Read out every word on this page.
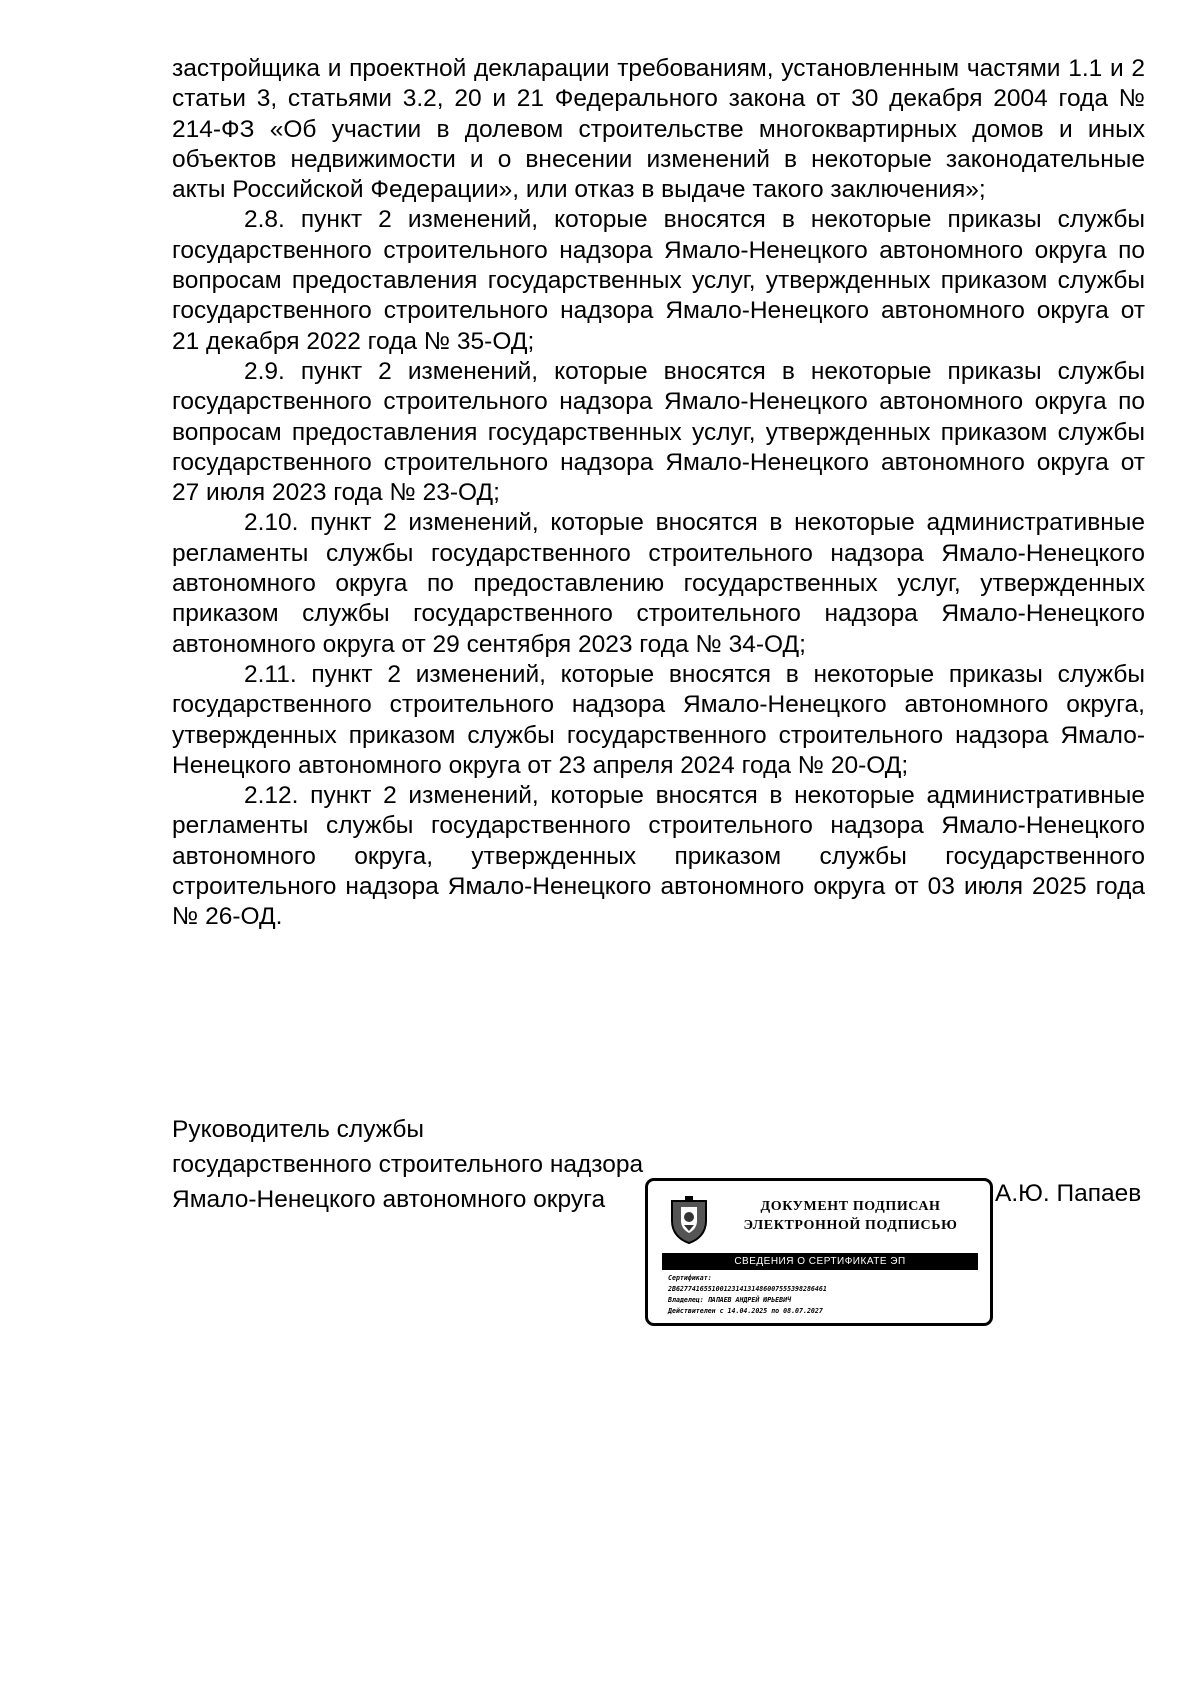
застройщика и проектной декларации требованиям, установленным частями 1.1 и 2 статьи 3, статьями 3.2, 20 и 21 Федерального закона от 30 декабря 2004 года № 214-ФЗ «Об участии в долевом строительстве многоквартирных домов и иных объектов недвижимости и о внесении изменений в некоторые законодательные акты Российской Федерации», или отказ в выдаче такого заключения»;

2.8. пункт 2 изменений, которые вносятся в некоторые приказы службы государственного строительного надзора Ямало-Ненецкого автономного округа по вопросам предоставления государственных услуг, утвержденных приказом службы государственного строительного надзора Ямало-Ненецкого автономного округа от 21 декабря 2022 года № 35-ОД;

2.9. пункт 2 изменений, которые вносятся в некоторые приказы службы государственного строительного надзора Ямало-Ненецкого автономного округа по вопросам предоставления государственных услуг, утвержденных приказом службы государственного строительного надзора Ямало-Ненецкого автономного округа от 27 июля 2023 года № 23-ОД;

2.10. пункт 2 изменений, которые вносятся в некоторые административные регламенты службы государственного строительного надзора Ямало-Ненецкого автономного округа по предоставлению государственных услуг, утвержденных приказом службы государственного строительного надзора Ямало-Ненецкого автономного округа от 29 сентября 2023 года № 34-ОД;

2.11. пункт 2 изменений, которые вносятся в некоторые приказы службы государственного строительного надзора Ямало-Ненецкого автономного округа, утвержденных приказом службы государственного строительного надзора Ямало-Ненецкого автономного округа от 23 апреля 2024 года № 20-ОД;

2.12. пункт 2 изменений, которые вносятся в некоторые административные регламенты службы государственного строительного надзора Ямало-Ненецкого автономного округа, утвержденных приказом службы государственного строительного надзора Ямало-Ненецкого автономного округа от 03 июля 2025 года № 26-ОД.

Руководитель службы
государственного строительного надзора
Ямало-Ненецкого автономного округа	А.Ю. Папаев
ДОКУМЕНТ ПОДПИСАН
ЭЛЕКТРОННОЙ ПОДПИСЬЮ
СВЕДЕНИЯ О СЕРТИФИКАТЕ ЭП
Сертификат:
2B62774165510012314131486007555398286461
Владелец: ПАПАЕВ АНДРЕЙ ЮРЬЕВИЧ
Действителен с 14.04.2025 по 08.07.2027
